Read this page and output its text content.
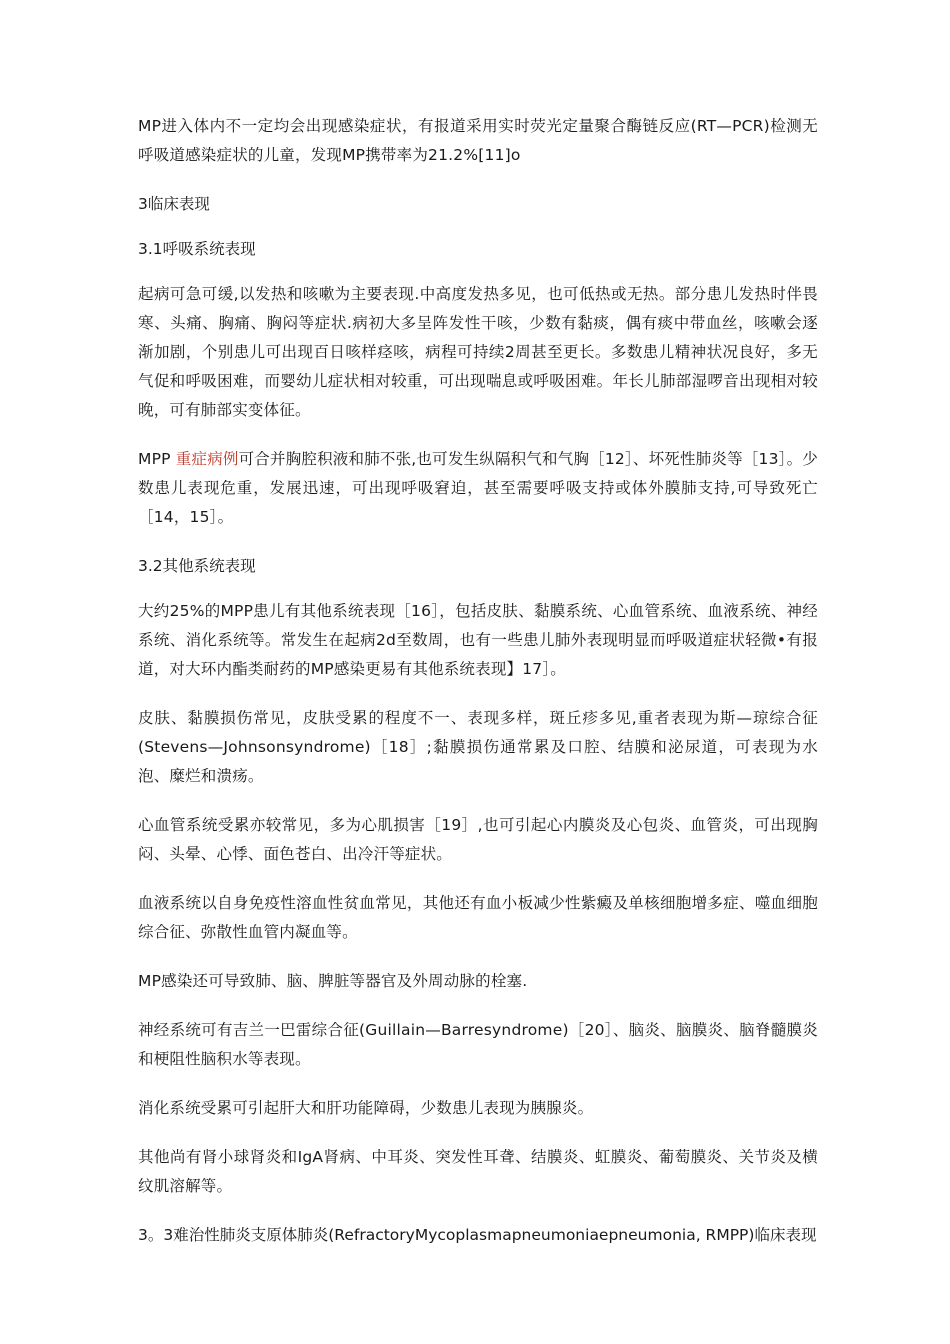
MP进入体内不一定均会出现感染症状，有报道采用实时荧光定量聚合酶链反应(RT—PCR)检测无呼吸道感染症状的儿童，发现MP携带率为21.2%[11]o

3临床表现

3.1呼吸系统表现

起病可急可缓,以发热和咳嗽为主要表现.中高度发热多见，也可低热或无热。部分患儿发热时伴畏寒、头痛、胸痛、胸闷等症状.病初大多呈阵发性干咳，少数有黏痰，偶有痰中带血丝，咳嗽会逐渐加剧，个别患儿可出现百日咳样痉咳，病程可持续2周甚至更长。多数患儿精神状况良好，多无气促和呼吸困难，而婴幼儿症状相对较重，可出现喘息或呼吸困难。年长儿肺部湿啰音出现相对较晚，可有肺部实变体征。

MPP 重症病例可合并胸腔积液和肺不张,也可发生纵隔积气和气胸［12］、坏死性肺炎等［13］。少数患儿表现危重，发展迅速，可出现呼吸窘迫，甚至需要呼吸支持或体外膜肺支持,可导致死亡［14，15］。

3.2其他系统表现

大约25%的MPP患儿有其他系统表现［16］，包括皮肤、黏膜系统、心血管系统、血液系统、神经系统、消化系统等。常发生在起病2d至数周，也有一些患儿肺外表现明显而呼吸道症状轻微•有报道，对大环内酯类耐药的MP感染更易有其他系统表现】17］。

皮肤、黏膜损伤常见，皮肤受累的程度不一、表现多样，斑丘疹多见,重者表现为斯—琼综合征(Stevens—Johnsonsyndrome)［18］;黏膜损伤通常累及口腔、结膜和泌尿道，可表现为水泡、糜烂和溃疡。

心血管系统受累亦较常见，多为心肌损害［19］,也可引起心内膜炎及心包炎、血管炎，可出现胸闷、头晕、心悸、面色苍白、出冷汗等症状。

血液系统以自身免疫性溶血性贫血常见，其他还有血小板减少性紫癜及单核细胞增多症、噬血细胞综合征、弥散性血管内凝血等。

MP感染还可导致肺、脑、脾脏等器官及外周动脉的栓塞.

神经系统可有吉兰一巴雷综合征(Guillain—Barresyndrome)［20］、脑炎、脑膜炎、脑脊髓膜炎和梗阻性脑积水等表现。

消化系统受累可引起肝大和肝功能障碍，少数患儿表现为胰腺炎。

其他尚有肾小球肾炎和IgA肾病、中耳炎、突发性耳聋、结膜炎、虹膜炎、葡萄膜炎、关节炎及横纹肌溶解等。

3。3难治性肺炎支原体肺炎(RefractoryMycoplasmapneumoniaepneumonia, RMPP)临床表现
